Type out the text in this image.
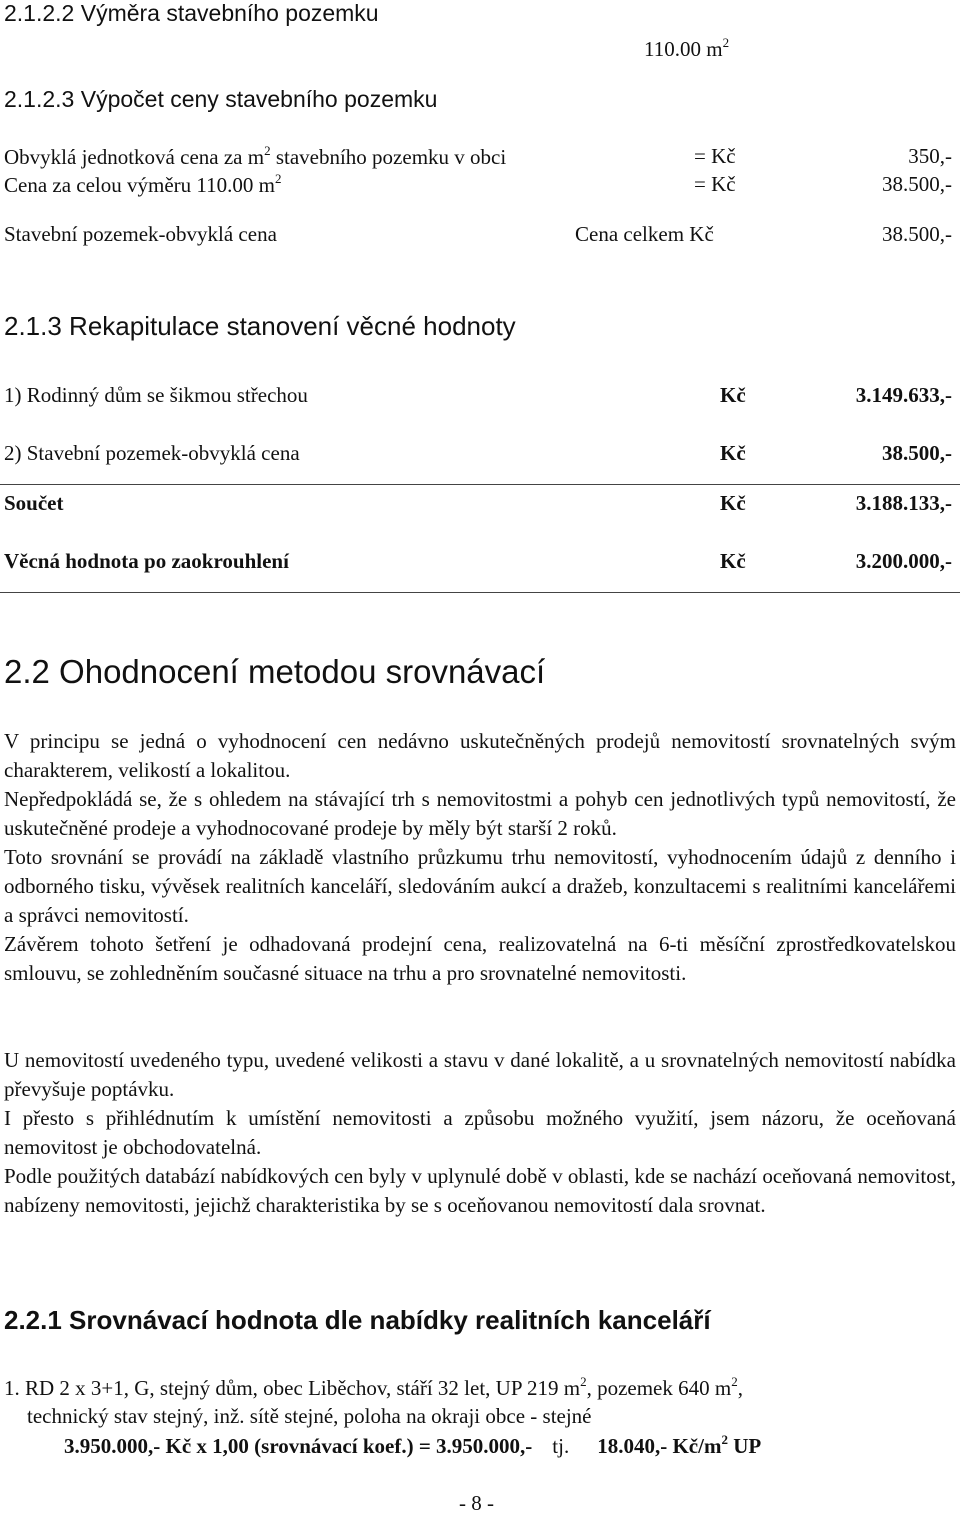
2.1.2.2 Výměra stavebního pozemku
110.00 $m^2$
2.1.2.3 Výpočet ceny stavebního pozemku
Obvyklá jednotková cena za $m^2$ stavebního pozemku v obci	= Kč	350,-
Cena za celou výměru 110.00 $m^2$	= Kč	38.500,-
Stavební pozemek-obvyklá cena	Cena celkem Kč	38.500,-
2.1.3 Rekapitulace stanovení věcné hodnoty
1) Rodinný dům se šikmou střechou	Kč	3.149.633,-
2) Stavební pozemek-obvyklá cena	Kč	38.500,-
Součet	Kč	3.188.133,-
Věcná hodnota po zaokrouhlení	Kč	3.200.000,-
2.2 Ohodnocení metodou srovnávací
V principu se jedná o vyhodnocení cen nedávno uskutečněných prodejů nemovitostí srovnatelných svým charakterem, velikostí a lokalitou.
Nepředpokládá se, že s ohledem na stávající trh s nemovitostmi a pohyb cen jednotlivých typů nemovitostí, že uskutečněné prodeje a vyhodnocované prodeje by měly být starší 2 roků.
Toto srovnání se provádí na základě vlastního průzkumu trhu nemovitostí, vyhodnocením údajů z denního i odborného tisku, vývěsek realitních kanceláří, sledováním aukcí a dražeb, konzultacemi s realitními kancelářemi a správci nemovitostí.
Závěrem tohoto šetření je odhadovaná prodejní cena, realizovatelná na 6-ti měsíční zprostředkovatelskou smlouvu, se zohledněním současné situace na trhu a pro srovnatelné nemovitosti.
U nemovitostí uvedeného typu, uvedené velikosti a stavu v dané lokalitě, a u srovnatelných nemovitostí nabídka převyšuje poptávku.
I přesto s přihlédnutím k umístění nemovitosti a způsobu možného využití, jsem názoru, že oceňovaná nemovitost je obchodovatelná.
Podle použitých databází nabídkových cen byly v uplynulé době v oblasti, kde se nachází oceňovaná nemovitost, nabízeny nemovitosti, jejichž charakteristika by se s oceňovanou nemovitostí dala srovnat.
2.2.1 Srovnávací hodnota dle nabídky realitních kanceláří
1. RD 2 x 3+1, G, stejný dům, obec Liběchov, stáří 32 let, UP 219 $m^2$, pozemek 640 $m^2$,
technický stav stejný, inž. sítě stejné, poloha na okraji obce - stejné
3.950.000,- Kč x 1,00 (srovnávací koef.) = 3.950.000,- tj. 18.040,- $Kč/m^2$ UP
- 8 -
